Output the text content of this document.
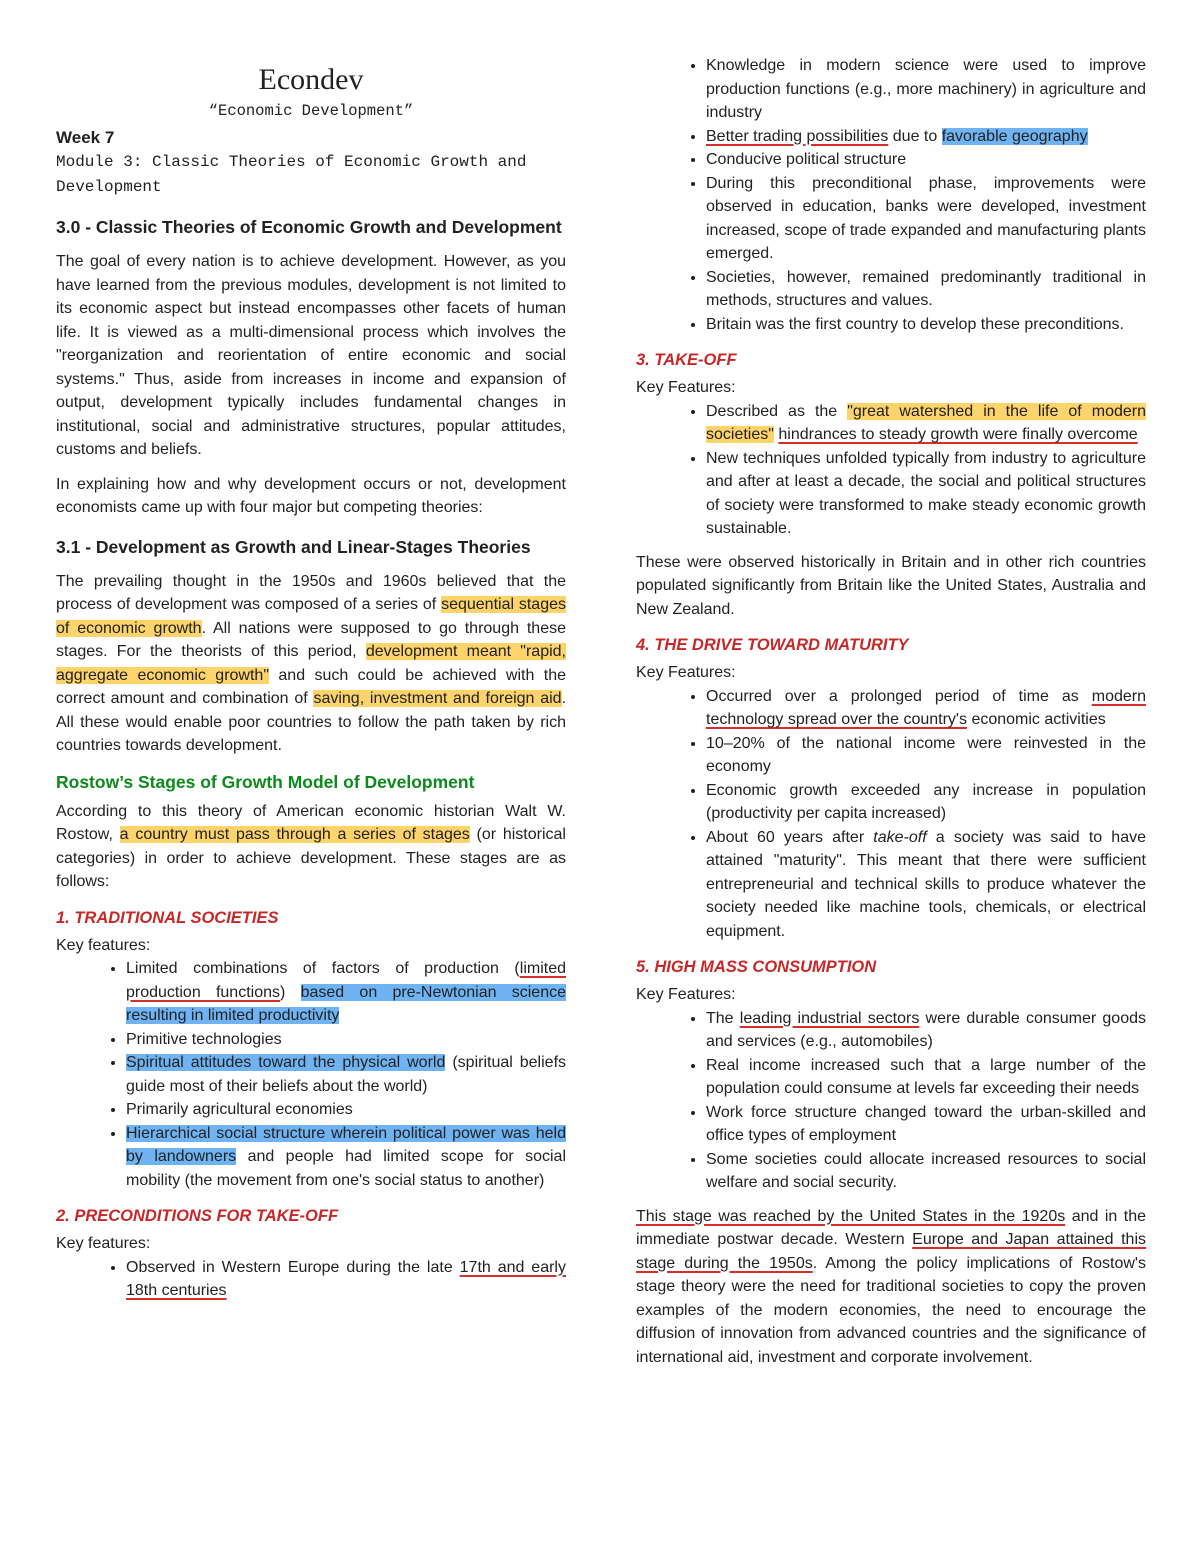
Econdev
“Economic Development”
Week 7
Module 3: Classic Theories of Economic Growth and Development
3.0 - Classic Theories of Economic Growth and Development

The goal of every nation is to achieve development. However, as you have learned from the previous modules, development is not limited to its economic aspect but instead encompasses other facets of human life. It is viewed as a multi-dimensional process which involves the "reorganization and reorientation of entire economic and social systems." Thus, aside from increases in income and expansion of output, development typically includes fundamental changes in institutional, social and administrative structures, popular attitudes, customs and beliefs.

In explaining how and why development occurs or not, development economists came up with four major but competing theories:

3.1 - Development as Growth and Linear-Stages Theories

The prevailing thought in the 1950s and 1960s believed that the process of development was composed of a series of sequential stages of economic growth. All nations were supposed to go through these stages. For the theorists of this period, development meant "rapid, aggregate economic growth" and such could be achieved with the correct amount and combination of saving, investment and foreign aid. All these would enable poor countries to follow the path taken by rich countries towards development.

Rostow’s Stages of Growth Model of Development

According to this theory of American economic historian Walt W. Rostow, a country must pass through a series of stages (or historical categories) in order to achieve development. These stages are as follows:

1. TRADITIONAL SOCIETIES
Key features:
• Limited combinations of factors of production (limited production functions) based on pre-Newtonian science resulting in limited productivity
• Primitive technologies
• Spiritual attitudes toward the physical world (spiritual beliefs guide most of their beliefs about the world)
• Primarily agricultural economies
• Hierarchical social structure wherein political power was held by landowners and people had limited scope for social mobility (the movement from one's social status to another)
2. PRECONDITIONS FOR TAKE-OFF
Key features:
• Observed in Western Europe during the late 17th and early 18th centuries
• Knowledge in modern science were used to improve production functions (e.g., more machinery) in agriculture and industry
• Better trading possibilities due to favorable geography
• Conducive political structure
• During this preconditional phase, improvements were observed in education, banks were developed, investment increased, scope of trade expanded and manufacturing plants emerged.
• Societies, however, remained predominantly traditional in methods, structures and values.
• Britain was the first country to develop these preconditions.
3. TAKE-OFF
Key Features:
• Described as the "great watershed in the life of modern societies" hindrances to steady growth were finally overcome
• New techniques unfolded typically from industry to agriculture and after at least a decade, the social and political structures of society were transformed to make steady economic growth sustainable.

These were observed historically in Britain and in other rich countries populated significantly from Britain like the United States, Australia and New Zealand.

4. THE DRIVE TOWARD MATURITY
Key Features:
• Occurred over a prolonged period of time as modern technology spread over the country's economic activities
• 10–20% of the national income were reinvested in the economy
• Economic growth exceeded any increase in population (productivity per capita increased)
• About 60 years after take-off a society was said to have attained "maturity". This meant that there were sufficient entrepreneurial and technical skills to produce whatever the society needed like machine tools, chemicals, or electrical equipment.
5. HIGH MASS CONSUMPTION
Key Features:
• The leading industrial sectors were durable consumer goods and services (e.g., automobiles)
• Real income increased such that a large number of the population could consume at levels far exceeding their needs
• Work force structure changed toward the urban-skilled and office types of employment
• Some societies could allocate increased resources to social welfare and social security.

This stage was reached by the United States in the 1920s and in the immediate postwar decade. Western Europe and Japan attained this stage during the 1950s. Among the policy implications of Rostow's stage theory were the need for traditional societies to copy the proven examples of the modern economies, the need to encourage the diffusion of innovation from advanced countries and the significance of international aid, investment and corporate involvement.
